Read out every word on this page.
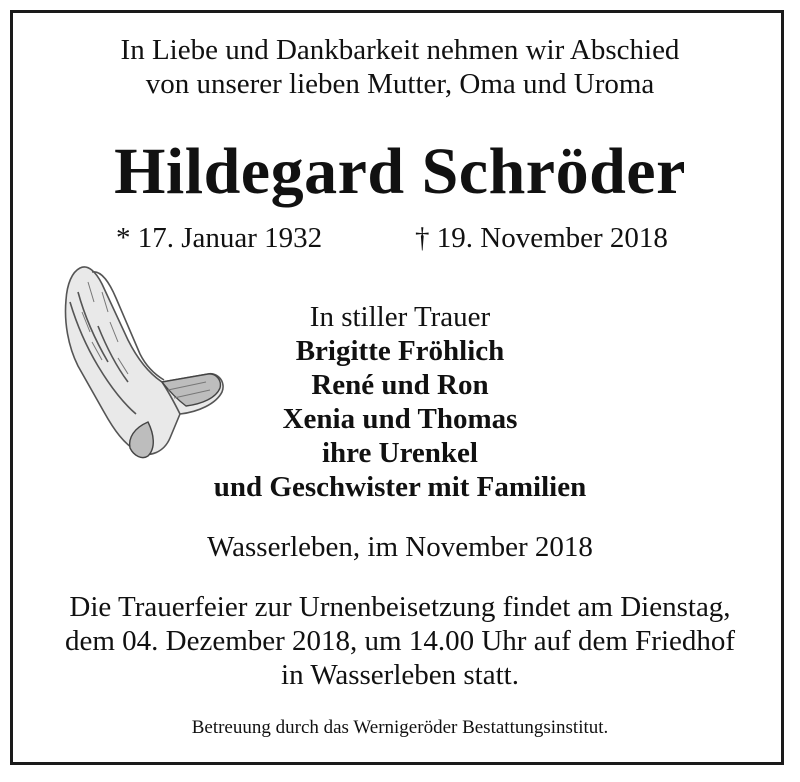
In Liebe und Dankbarkeit nehmen wir Abschied
von unserer lieben Mutter, Oma und Uroma
Hildegard Schröder
* 17. Januar 1932	† 19. November 2018
In stiller Trauer
Brigitte Fröhlich
René und Ron
Xenia und Thomas
ihre Urenkel
und Geschwister mit Familien
Wasserleben, im November 2018
Die Trauerfeier zur Urnenbeisetzung findet am Dienstag,
dem 04. Dezember 2018, um 14.00 Uhr auf dem Friedhof
in Wasserleben statt.
Betreuung durch das Wernigeröder Bestattungsinstitut.
